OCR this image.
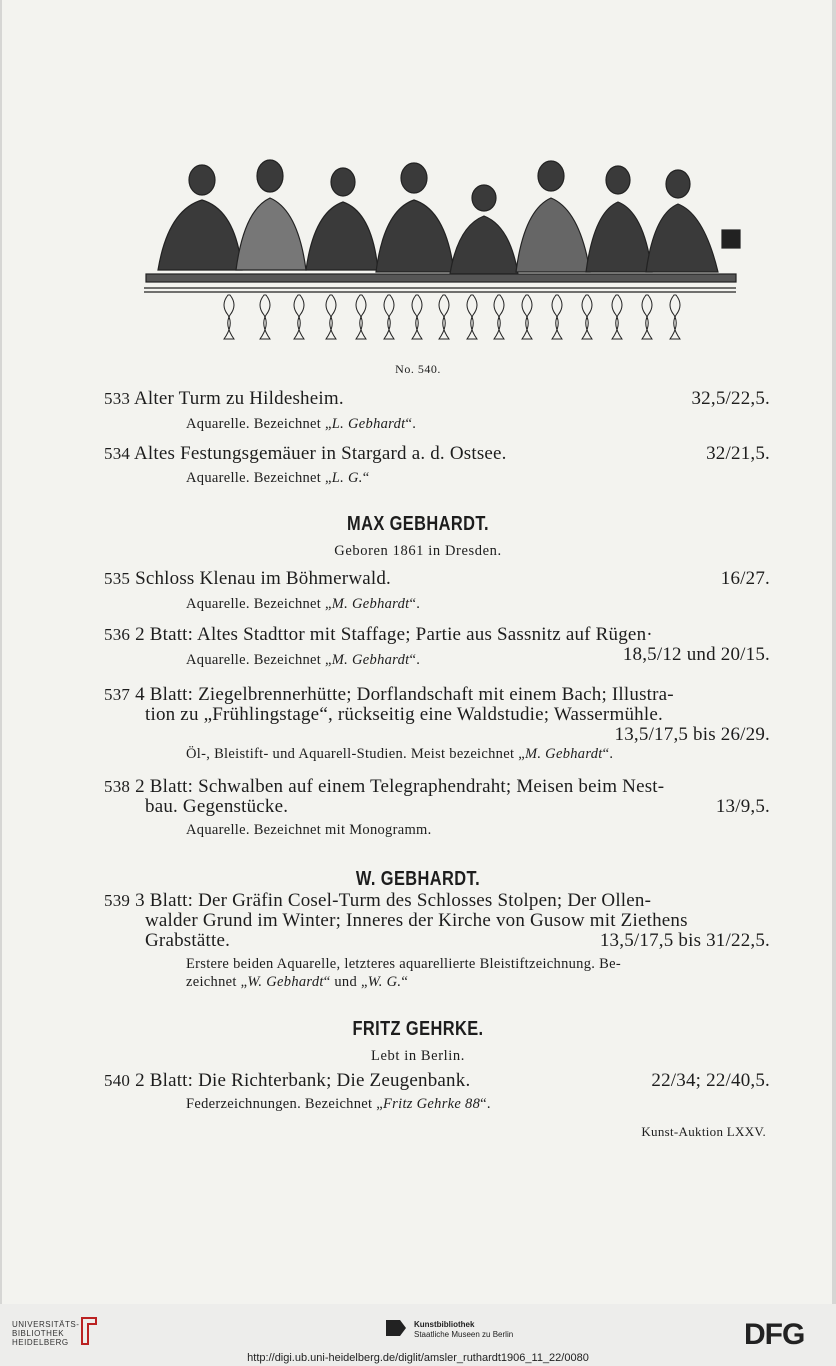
No. 540.
533 Alter Turm zu Hildesheim.	32,5/22,5.
Aquarelle. Bezeichnet „L. Gebhardt“.
534 Altes Festungsgemäuer in Stargard a. d. Ostsee.	32/21,5.
Aquarelle. Bezeichnet „L. G.“
MAX GEBHARDT.
Geboren 1861 in Dresden.
535 Schloss Klenau im Böhmerwald.	16/27.
Aquarelle. Bezeichnet „M. Gebhardt“.
536 2 Btatt: Altes Stadttor mit Staffage; Partie aus Sassnitz auf Rügen·
Aquarelle. Bezeichnet „M. Gebhardt“.	18,5/12 und 20/15.
537 4 Blatt: Ziegelbrennerhütte; Dorflandschaft mit einem Bach; Illustra-
tion zu „Frühlingstage“, rückseitig eine Waldstudie; Wassermühle.
13,5/17,5 bis 26/29.
Öl-, Bleistift- und Aquarell-Studien. Meist bezeichnet „M. Gebhardt“.
538 2 Blatt: Schwalben auf einem Telegraphendraht; Meisen beim Nest-
bau. Gegenstücke.	13/9,5.
Aquarelle. Bezeichnet mit Monogramm.
W. GEBHARDT.
539 3 Blatt: Der Gräfin Cosel-Turm des Schlosses Stolpen; Der Ollen-
walder Grund im Winter; Inneres der Kirche von Gusow mit Ziethens
Grabstätte.	13,5/17,5 bis 31/22,5.
Erstere beiden Aquarelle, letzteres aquarellierte Bleistiftzeichnung. Be-
zeichnet „W. Gebhardt“ und „W. G.“
FRITZ GEHRKE.
Lebt in Berlin.
540 2 Blatt: Die Richterbank; Die Zeugenbank.	22/34; 22/40,5.
Federzeichnungen. Bezeichnet „Fritz Gehrke 88“.
Kunst-Auktion LXXV.
UNIVERSITÄTS-
BIBLIOTHEK
HEIDELBERG
Kunstbibliothek
Staatliche Museen zu Berlin	DFG
http://digi.ub.uni-heidelberg.de/diglit/amsler_ruthardt1906_11_22/0080
